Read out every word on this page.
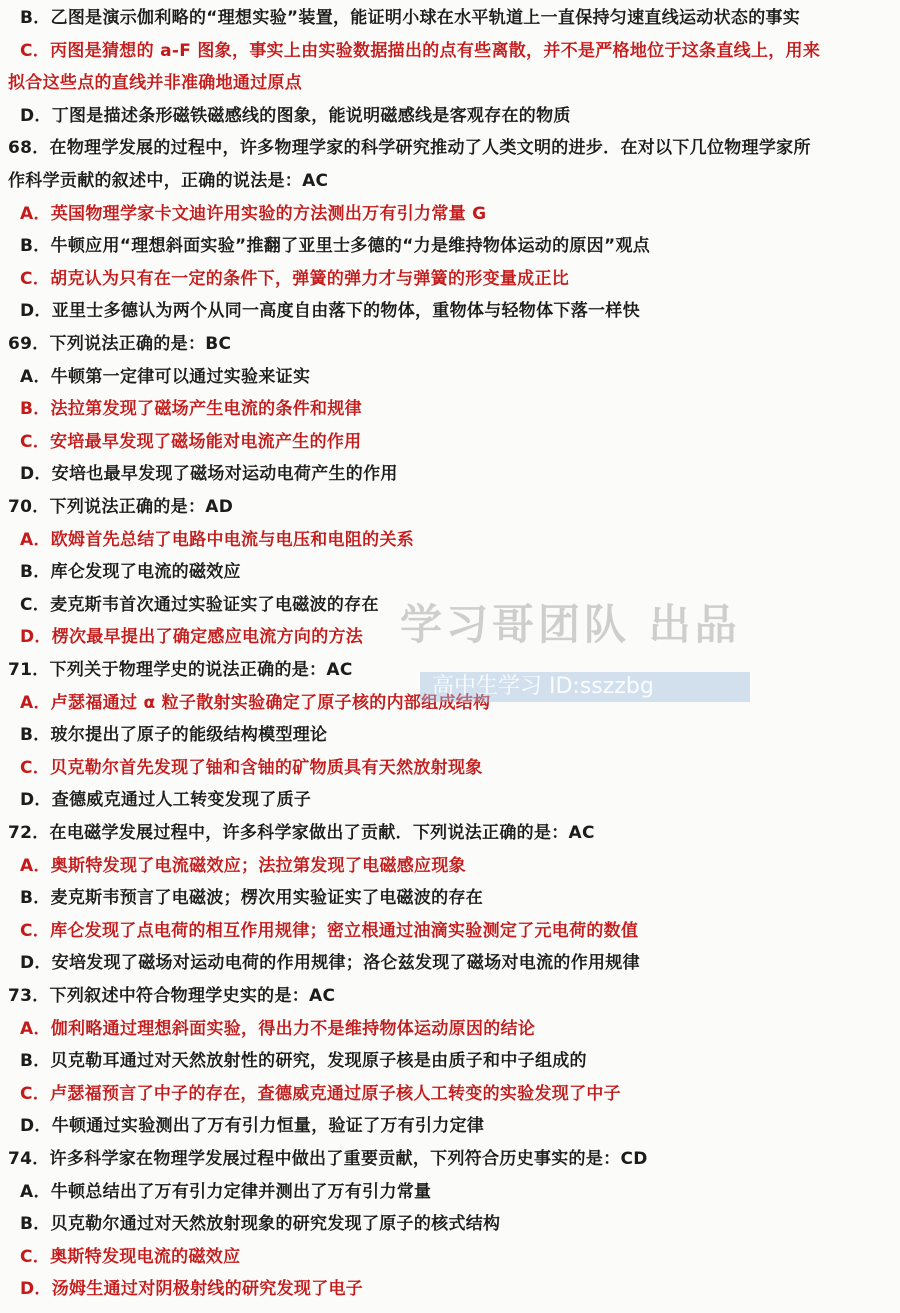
B．乙图是演示伽利略的“理想实验”装置，能证明小球在水平轨道上一直保持匀速直线运动状态的事实
C．丙图是猜想的 a-F 图象，事实上由实验数据描出的点有些离散，并不是严格地位于这条直线上，用来
拟合这些点的直线并非准确地通过原点
D．丁图是描述条形磁铁磁感线的图象，能说明磁感线是客观存在的物质
68．在物理学发展的过程中，许多物理学家的科学研究推动了人类文明的进步．在对以下几位物理学家所
作科学贡献的叙述中，正确的说法是：AC
A．英国物理学家卡文迪许用实验的方法测出万有引力常量 G
B．牛顿应用“理想斜面实验”推翻了亚里士多德的“力是维持物体运动的原因”观点
C．胡克认为只有在一定的条件下，弹簧的弹力才与弹簧的形变量成正比
D．亚里士多德认为两个从同一高度自由落下的物体，重物体与轻物体下落一样快
69．下列说法正确的是：BC
A．牛顿第一定律可以通过实验来证实
B．法拉第发现了磁场产生电流的条件和规律
C．安培最早发现了磁场能对电流产生的作用
D．安培也最早发现了磁场对运动电荷产生的作用
70．下列说法正确的是：AD
A．欧姆首先总结了电路中电流与电压和电阻的关系
B．库仑发现了电流的磁效应
C．麦克斯韦首次通过实验证实了电磁波的存在
D．楞次最早提出了确定感应电流方向的方法
71．下列关于物理学史的说法正确的是：AC
A．卢瑟福通过 α 粒子散射实验确定了原子核的内部组成结构
B．玻尔提出了原子的能级结构模型理论
C．贝克勒尔首先发现了铀和含铀的矿物质具有天然放射现象
D．查德威克通过人工转变发现了质子
72．在电磁学发展过程中，许多科学家做出了贡献．下列说法正确的是：AC
A．奥斯特发现了电流磁效应；法拉第发现了电磁感应现象
B．麦克斯韦预言了电磁波；楞次用实验证实了电磁波的存在
C．库仑发现了点电荷的相互作用规律；密立根通过油滴实验测定了元电荷的数值
D．安培发现了磁场对运动电荷的作用规律；洛仑兹发现了磁场对电流的作用规律
73．下列叙述中符合物理学史实的是：AC
A．伽利略通过理想斜面实验，得出力不是维持物体运动原因的结论
B．贝克勒耳通过对天然放射性的研究，发现原子核是由质子和中子组成的
C．卢瑟福预言了中子的存在，查德威克通过原子核人工转变的实验发现了中子
D．牛顿通过实验测出了万有引力恒量，验证了万有引力定律
74．许多科学家在物理学发展过程中做出了重要贡献，下列符合历史事实的是：CD
A．牛顿总结出了万有引力定律并测出了万有引力常量
B．贝克勒尔通过对天然放射现象的研究发现了原子的核式结构
C．奥斯特发现电流的磁效应
D．汤姆生通过对阴极射线的研究发现了电子
学习哥团队 出品
高中生学习 ID:sszzbg
